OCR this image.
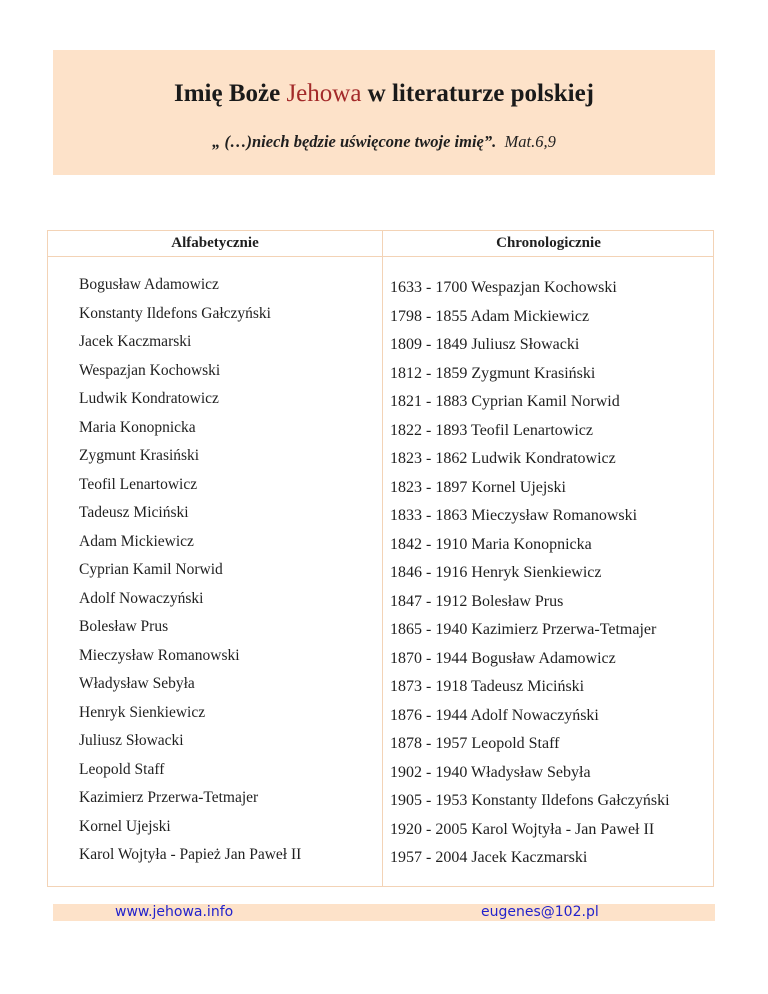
Imię Boże Jehowa w literaturze polskiej
„ (…)niech będzie uświęcone twoje imię”. Mat.6,9
Alfabetycznie	Chronologicznie
Bogusław Adamowicz
Konstanty Ildefons Gałczyński
Jacek Kaczmarski
Wespazjan Kochowski
Ludwik Kondratowicz
Maria Konopnicka
Zygmunt Krasiński
Teofil Lenartowicz
Tadeusz Miciński
Adam Mickiewicz
Cyprian Kamil Norwid
Adolf Nowaczyński
Bolesław Prus
Mieczysław Romanowski
Władysław Sebyła
Henryk Sienkiewicz
Juliusz Słowacki
Leopold Staff
Kazimierz Przerwa-Tetmajer
Kornel Ujejski
Karol Wojtyła - Papież Jan Paweł II
1633 - 1700 Wespazjan Kochowski
1798 - 1855 Adam Mickiewicz
1809 - 1849 Juliusz Słowacki
1812 - 1859 Zygmunt Krasiński
1821 - 1883 Cyprian Kamil Norwid
1822 - 1893 Teofil Lenartowicz
1823 - 1862 Ludwik Kondratowicz
1823 - 1897 Kornel Ujejski
1833 - 1863 Mieczysław Romanowski
1842 - 1910 Maria Konopnicka
1846 - 1916 Henryk Sienkiewicz
1847 - 1912 Bolesław Prus
1865 - 1940 Kazimierz Przerwa-Tetmajer
1870 - 1944 Bogusław Adamowicz
1873 - 1918 Tadeusz Miciński
1876 - 1944 Adolf Nowaczyński
1878 - 1957 Leopold Staff
1902 - 1940 Władysław Sebyła
1905 - 1953 Konstanty Ildefons Gałczyński
1920 - 2005 Karol Wojtyła - Jan Paweł II
1957 - 2004 Jacek Kaczmarski
www.jehowa.info	eugenes@102.pl
